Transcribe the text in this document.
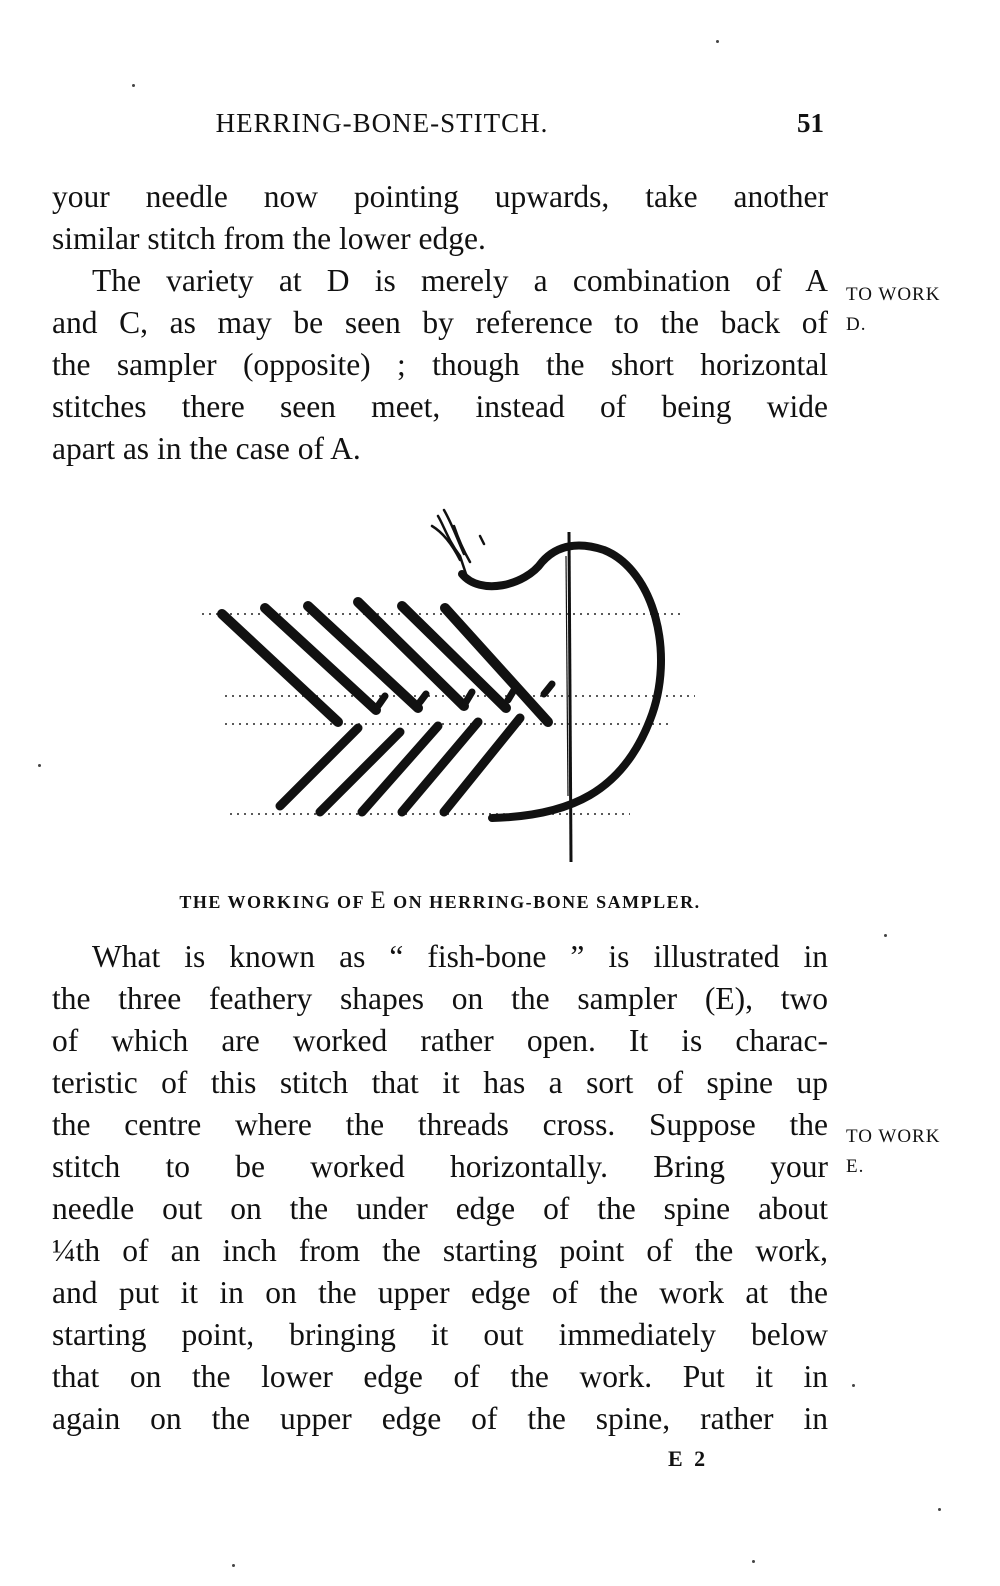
HERRING-BONE-STITCH.	51
your needle now pointing upwards, take another
similar stitch from the lower edge.
The variety at D is merely a combination of A
and C, as may be seen by reference to the back of
the sampler (opposite) ; though the short horizontal
stitches there seen meet, instead of being wide
apart as in the case of A.
TO WORK
D.
THE WORKING OF E ON HERRING-BONE SAMPLER.
What is known as “ fish-bone ” is illustrated in
the three feathery shapes on the sampler (E), two
of which are worked rather open. It is charac-
teristic of this stitch that it has a sort of spine up
the centre where the threads cross. Suppose the
stitch to be worked horizontally. Bring your
needle out on the under edge of the spine about
¼th of an inch from the starting point of the work,
and put it in on the upper edge of the work at the
starting point, bringing it out immediately below
that on the lower edge of the work. Put it in
again on the upper edge of the spine, rather in
TO WORK
E.
E 2
